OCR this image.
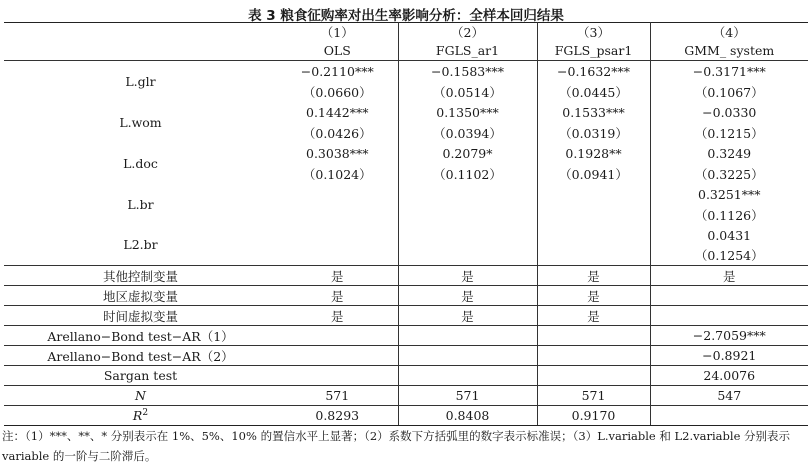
表 3 粮食征购率对出生率影响分析：全样本回归结果
	（1）	（2）	（3）	（4）
	OLS	FGLS_ar1	FGLS_psar1	GMM_ system
L.glr	−0.2110***	−0.1583***	−0.1632***	−0.3171***
	（0.0660）	（0.0514）	（0.0445）	（0.1067）
L.wom	0.1442***	0.1350***	0.1533***	−0.0330
	（0.0426）	（0.0394）	（0.0319）	（0.1215）
L.doc	0.3038***	0.2079*	0.1928**	0.3249
	（0.1024）	（0.1102）	（0.0941）	（0.3225）
L.br				0.3251***
				（0.1126）
L2.br				0.0431
				（0.1254）
其他控制变量	是	是	是	是
地区虚拟变量	是	是	是	
时间虚拟变量	是	是	是	
Arellano−Bond test−AR（1）				−2.7059***
Arellano−Bond test−AR（2）				−0.8921
Sargan test				24.0076
N	571	571	571	547
$R^2$	0.8293	0.8408	0.9170	
注：（1）***、**、* 分别表示在 1%、5%、10% 的置信水平上显著；（2）系数下方括弧里的数字表示标准误；（3）L.variable 和 L2.variable 分别表示 variable 的一阶与二阶滞后。
